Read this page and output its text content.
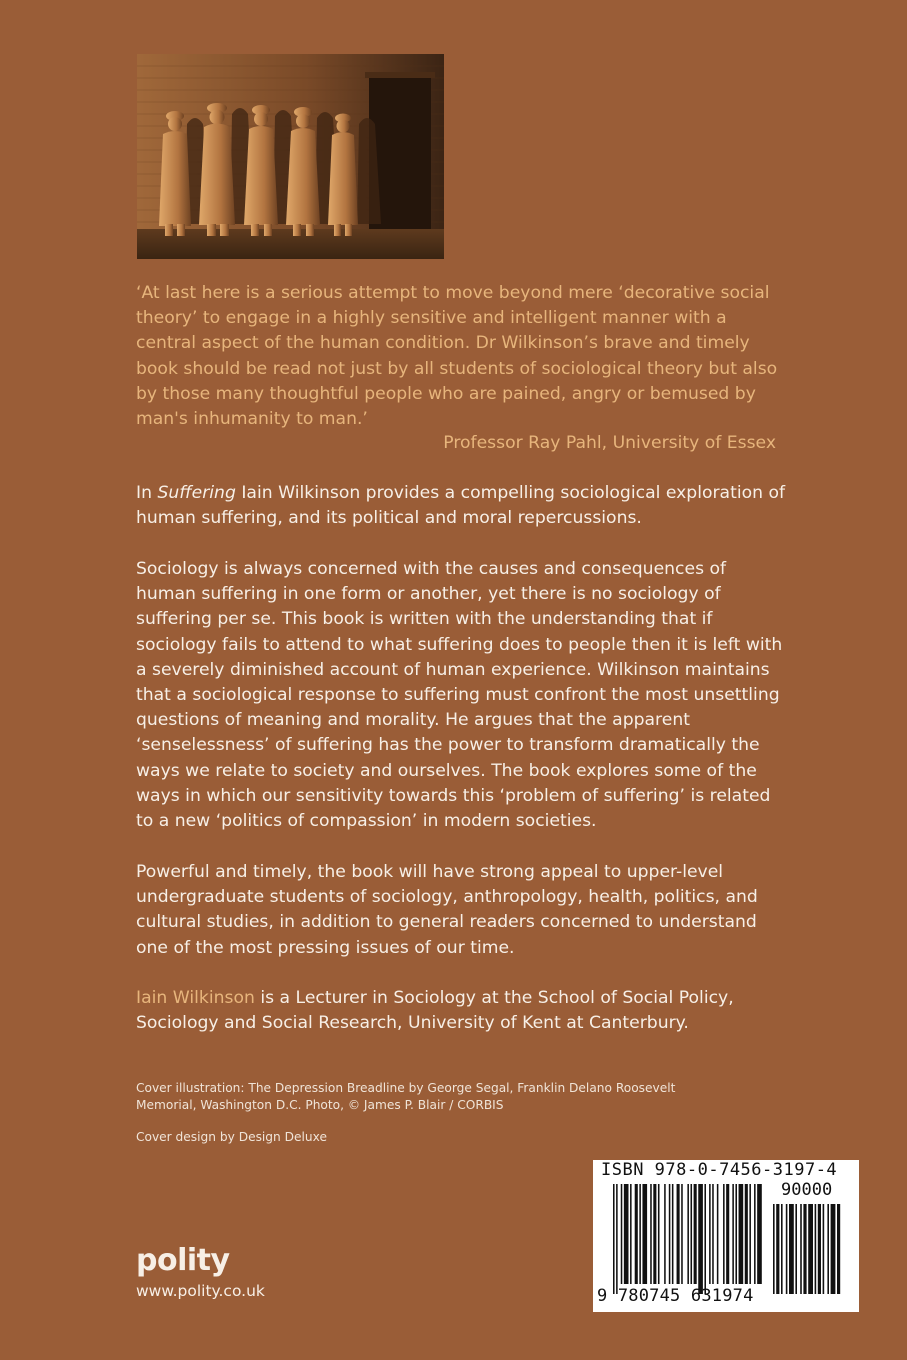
‘At last here is a serious attempt to move beyond mere ‘decorative social theory’ to engage in a highly sensitive and intelligent manner with a central aspect of the human condition. Dr Wilkinson’s brave and timely book should be read not just by all students of sociological theory but also by those many thoughtful people who are pained, angry or bemused by man's inhumanity to man.’

Professor Ray Pahl, University of Essex

In Suffering Iain Wilkinson provides a compelling sociological exploration of human suffering, and its political and moral repercussions.

Sociology is always concerned with the causes and consequences of human suffering in one form or another, yet there is no sociology of suffering per se. This book is written with the understanding that if sociology fails to attend to what suffering does to people then it is left with a severely diminished account of human experience. Wilkinson maintains that a sociological response to suffering must confront the most unsettling questions of meaning and morality. He argues that the apparent ‘senselessness’ of suffering has the power to transform dramatically the ways we relate to society and ourselves. The book explores some of the ways in which our sensitivity towards this ‘problem of suffering’ is related to a new ‘politics of compassion’ in modern societies.

Powerful and timely, the book will have strong appeal to upper-level undergraduate students of sociology, anthropology, health, politics, and cultural studies, in addition to general readers concerned to understand one of the most pressing issues of our time.

Iain Wilkinson is a Lecturer in Sociology at the School of Social Policy, Sociology and Social Research, University of Kent at Canterbury.

Cover illustration: The Depression Breadline by George Segal, Franklin Delano Roosevelt Memorial, Washington D.C. Photo, © James P. Blair / CORBIS
Cover design by Design Deluxe
polity
www.polity.co.uk
ISBN 978-0-7456-3197-4
90000
9 780745 631974
